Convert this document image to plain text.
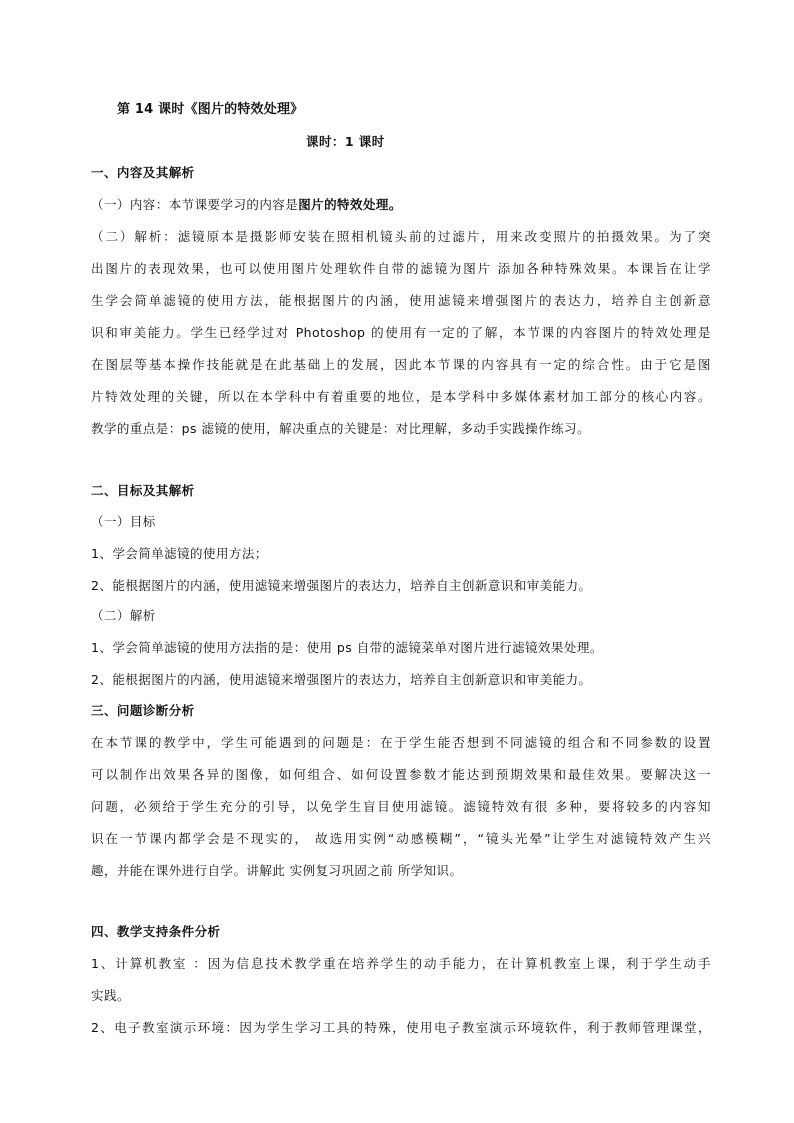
第 14 课时《图片的特效处理》
课时：1 课时
一、内容及其解析
（一）内容：本节课要学习的内容是图片的特效处理。
（二）解析：滤镜原本是摄影师安装在照相机镜头前的过滤片，用来改变照片的拍摄效果。为了突
出图片的表现效果，也可以使用图片处理软件自带的滤镜为图片 添加各种特殊效果。本课旨在让学
生学会简单滤镜的使用方法，能根据图片的内涵，使用滤镜来增强图片的表达力，培养自主创新意
识和审美能力。学生已经学过对 Photoshop 的使用有一定的了解，本节课的内容图片的特效处理是
在图层等基本操作技能就是在此基础上的发展，因此本节课的内容具有一定的综合性。由于它是图
片特效处理的关键，所以在本学科中有着重要的地位，是本学科中多媒体素材加工部分的核心内容。
教学的重点是：ps 滤镜的使用，解决重点的关键是：对比理解，多动手实践操作练习。
二、目标及其解析
（一）目标
1、学会简单滤镜的使用方法；
2、能根据图片的内涵，使用滤镜来增强图片的表达力，培养自主创新意识和审美能力。
（二）解析
1、学会简单滤镜的使用方法指的是：使用 ps 自带的滤镜菜单对图片进行滤镜效果处理。
2、能根据图片的内涵，使用滤镜来增强图片的表达力，培养自主创新意识和审美能力。
三、问题诊断分析
在本节课的教学中，学生可能遇到的问题是：在于学生能否想到不同滤镜的组合和不同参数的设置
可以制作出效果各异的图像，如何组合、如何设置参数才能达到预期效果和最佳效果。要解决这一
问题，必须给于学生充分的引导，以免学生盲目使用滤镜。滤镜特效有很 多种，要将较多的内容知
识在一节课内都学会是不现实的， 故选用实例“动感模糊”，“镜头光晕”让学生对滤镜特效产生兴
趣，并能在课外进行自学。讲解此 实例复习巩固之前 所学知识。
四、教学支持条件分析
1、计算机教室 ：因为信息技术教学重在培养学生的动手能力，在计算机教室上课，利于学生动手
实践。
2、电子教室演示环境：因为学生学习工具的特殊，使用电子教室演示环境软件，利于教师管理课堂，
